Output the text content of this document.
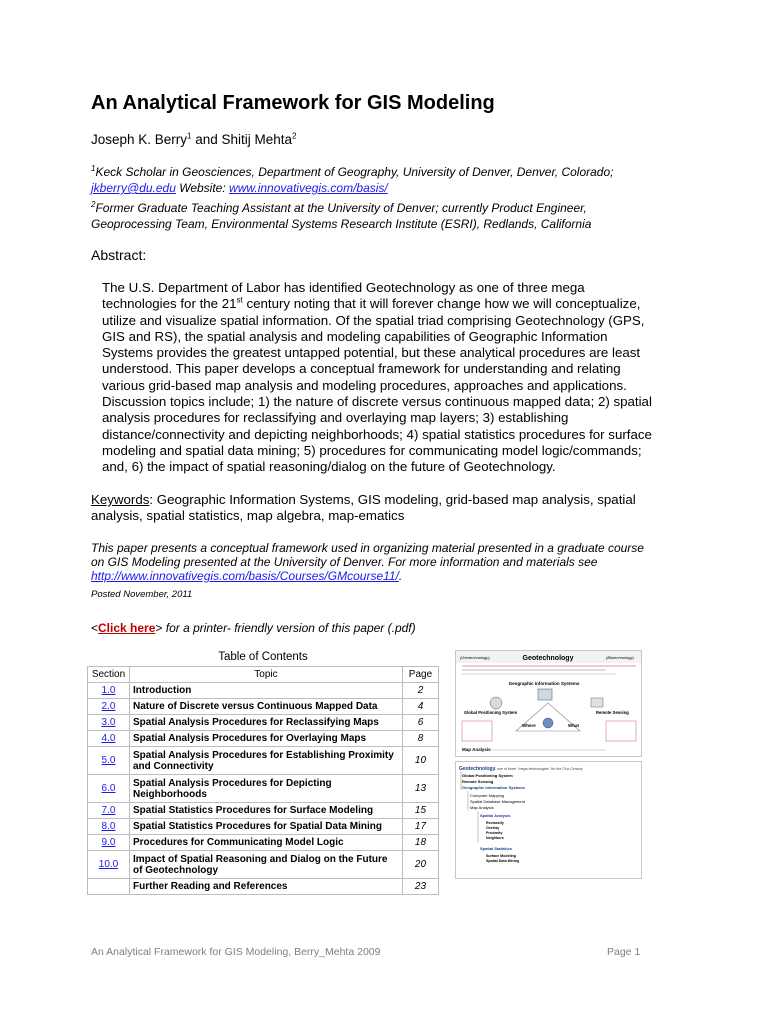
An Analytical Framework for GIS Modeling
Joseph K. Berry$^1$ and Shitij Mehta$^2$
$^1$Keck Scholar in Geosciences, Department of Geography, University of Denver, Denver, Colorado;
jkberry@du.edu Website: www.innovativegis.com/basis/
$^2$Former Graduate Teaching Assistant at the University of Denver; currently Product Engineer, Geoprocessing Team, Environmental Systems Research Institute (ESRI), Redlands, California
Abstract:
The U.S. Department of Labor has identified Geotechnology as one of three mega technologies for the 21st century noting that it will forever change how we will conceptualize, utilize and visualize spatial information. Of the spatial triad comprising Geotechnology (GPS, GIS and RS), the spatial analysis and modeling capabilities of Geographic Information Systems provides the greatest untapped potential, but these analytical procedures are least understood. This paper develops a conceptual framework for understanding and relating various grid-based map analysis and modeling procedures, approaches and applications. Discussion topics include; 1) the nature of discrete versus continuous mapped data; 2) spatial analysis procedures for reclassifying and overlaying map layers; 3) establishing distance/connectivity and depicting neighborhoods; 4) spatial statistics procedures for surface modeling and spatial data mining; 5) procedures for communicating model logic/commands; and, 6) the impact of spatial reasoning/dialog on the future of Geotechnology.
Keywords: Geographic Information Systems, GIS modeling, grid-based map analysis, spatial analysis, spatial statistics, map algebra, map-ematics
This paper presents a conceptual framework used in organizing material presented in a graduate course on GIS Modeling presented at the University of Denver. For more information and materials see http://www.innovativegis.com/basis/Courses/GMcourse11/.
Posted November, 2011
<Click here> for a printer- friendly version of this paper (.pdf)
Table of Contents		
Section	Topic	Page
1.0	Introduction	2
2.0	Nature of Discrete versus Continuous Mapped Data	4
3.0	Spatial Analysis Procedures for Reclassifying Maps	6
4.0	Spatial Analysis Procedures for Overlaying Maps	8
5.0	Spatial Analysis Procedures for Establishing Proximity and Connectivity	10
6.0	Spatial Analysis Procedures for Depicting Neighborhoods	13
7.0	Spatial Statistics Procedures for Surface Modeling	15
8.0	Spatial Statistics Procedures for Spatial Data Mining	17
9.0	Procedures for Communicating Model Logic	18
10.0	Impact of Spatial Reasoning and Dialog on the Future of Geotechnology	20
	Further Reading and References	23
(Geotechnology)	Geotechnology	(Biotechnology)
Geographic Information Systems
Global Positioning System	Remote Sensing
Where	What
Map Analysis
Geotechnology
– one of three "mega-technologies" for the 21st Century
Global Positioning System
Remote Sensing
Geographic Information Systems
Computer Mapping
Spatial Database Management
Map Analysis
Spatial Analysis
Reclassify
Overlay
Proximity
Neighbors
Spatial Statistics
Surface Modeling
Spatial Data Mining
An Analytical Framework for GIS Modeling, Berry_Mehta 2009	Page 1
